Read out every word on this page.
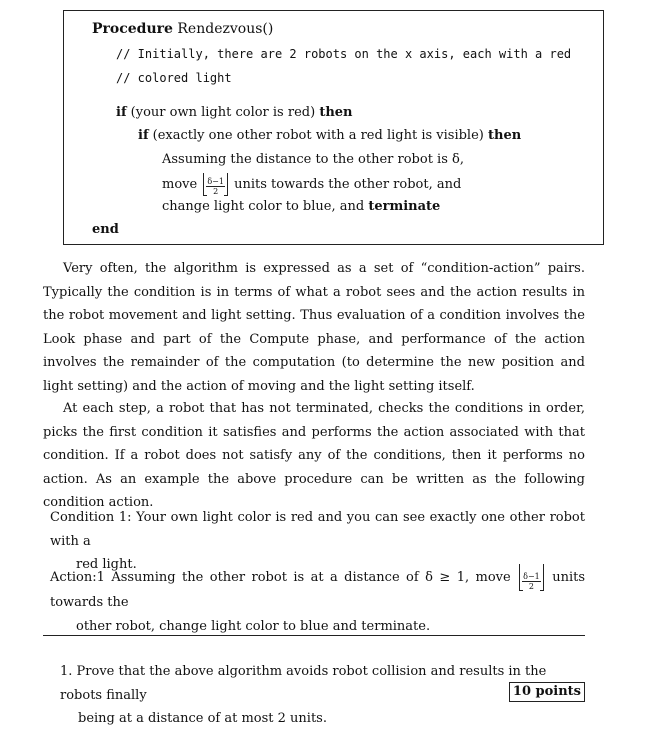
Procedure Rendezvous()
// Initially, there are 2 robots on the x axis, each with a red
// colored light
if (your own light color is red) then
if (exactly one other robot with a red light is visible) then
Assuming the distance to the other robot is δ,
move $\frac{\delta-1}{2}$ units towards the other robot, and
change light color to blue, and terminate
end
Very often, the algorithm is expressed as a set of “condition-action” pairs. Typically the condition is in terms of what a robot sees and the action results in the robot movement and light setting. Thus evaluation of a condition involves the Look phase and part of the Compute phase, and performance of the action involves the remainder of the computation (to determine the new position and light setting) and the action of moving and the light setting itself.
At each step, a robot that has not terminated, checks the conditions in order, picks the first condition it satisfies and performs the action associated with that condition. If a robot does not satisfy any of the conditions, then it performs no action. As an example the above procedure can be written as the following condition action.
Condition 1: Your own light color is red and you can see exactly one other robot with a
red light.
Action:1 Assuming the other robot is at a distance of δ ≥ 1, move $\frac{\delta-1}{2}$ units towards the
other robot, change light color to blue and terminate.
1. Prove that the above algorithm avoids robot collision and results in the robots finally
being at a distance of at most 2 units.
10 points
